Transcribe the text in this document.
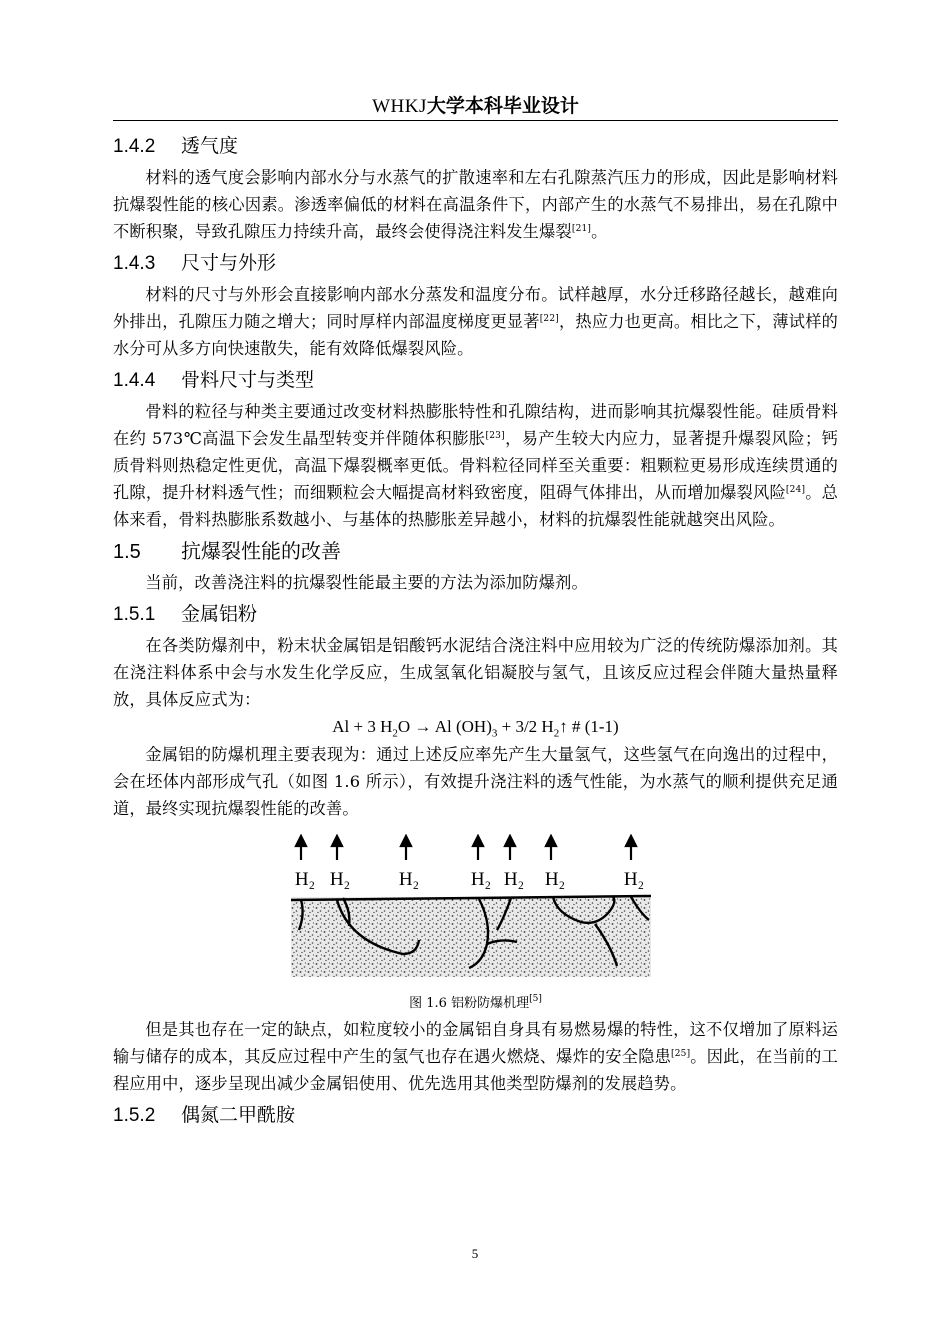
WHKJ大学本科毕业设计
1.4.2 透气度

材料的透气度会影响内部水分与水蒸气的扩散速率和左右孔隙蒸汽压力的形成，因此是影响材料抗爆裂性能的核心因素。渗透率偏低的材料在高温条件下，内部产生的水蒸气不易排出，易在孔隙中不断积聚，导致孔隙压力持续升高，最终会使得浇注料发生爆裂[21]。

1.4.3 尺寸与外形

材料的尺寸与外形会直接影响内部水分蒸发和温度分布。试样越厚，水分迁移路径越长，越难向外排出，孔隙压力随之增大；同时厚样内部温度梯度更显著[22]，热应力也更高。相比之下，薄试样的水分可从多方向快速散失，能有效降低爆裂风险。

1.4.4 骨料尺寸与类型

骨料的粒径与种类主要通过改变材料热膨胀特性和孔隙结构，进而影响其抗爆裂性能。硅质骨料在约 573℃高温下会发生晶型转变并伴随体积膨胀[23]，易产生较大内应力，显著提升爆裂风险；钙质骨料则热稳定性更优，高温下爆裂概率更低。骨料粒径同样至关重要：粗颗粒更易形成连续贯通的孔隙，提升材料透气性；而细颗粒会大幅提高材料致密度，阻碍气体排出，从而增加爆裂风险[24]。总体来看，骨料热膨胀系数越小、与基体的热膨胀差异越小，材料的抗爆裂性能就越突出风险。

1.5 抗爆裂性能的改善

当前，改善浇注料的抗爆裂性能最主要的方法为添加防爆剂。

1.5.1 金属铝粉

在各类防爆剂中，粉末状金属铝是铝酸钙水泥结合浇注料中应用较为广泛的传统防爆添加剂。其在浇注料体系中会与水发生化学反应，生成氢氧化铝凝胶与氢气，且该反应过程会伴随大量热量释放，具体反应式为：

Al + 3 $H_2O \to Al$ $(OH)_3 + 3/2$ $H_2↑$ # (1-1)

金属铝的防爆机理主要表现为：通过上述反应率先产生大量氢气，这些氢气在向逸出的过程中，会在坯体内部形成气孔（如图 1.6 所示），有效提升浇注料的透气性能，为水蒸气的顺利提供充足通道，最终实现抗爆裂性能的改善。

H₂ H₂	H₂	H₂ H₂ H₂	H₂
图 1.6 铝粉防爆机理[5]

但是其也存在一定的缺点，如粒度较小的金属铝自身具有易燃易爆的特性，这不仅增加了原料运输与储存的成本，其反应过程中产生的氢气也存在遇火燃烧、爆炸的安全隐患[25]。因此，在当前的工程应用中，逐步呈现出减少金属铝使用、优先选用其他类型防爆剂的发展趋势。

1.5.2 偶氮二甲酰胺
5
